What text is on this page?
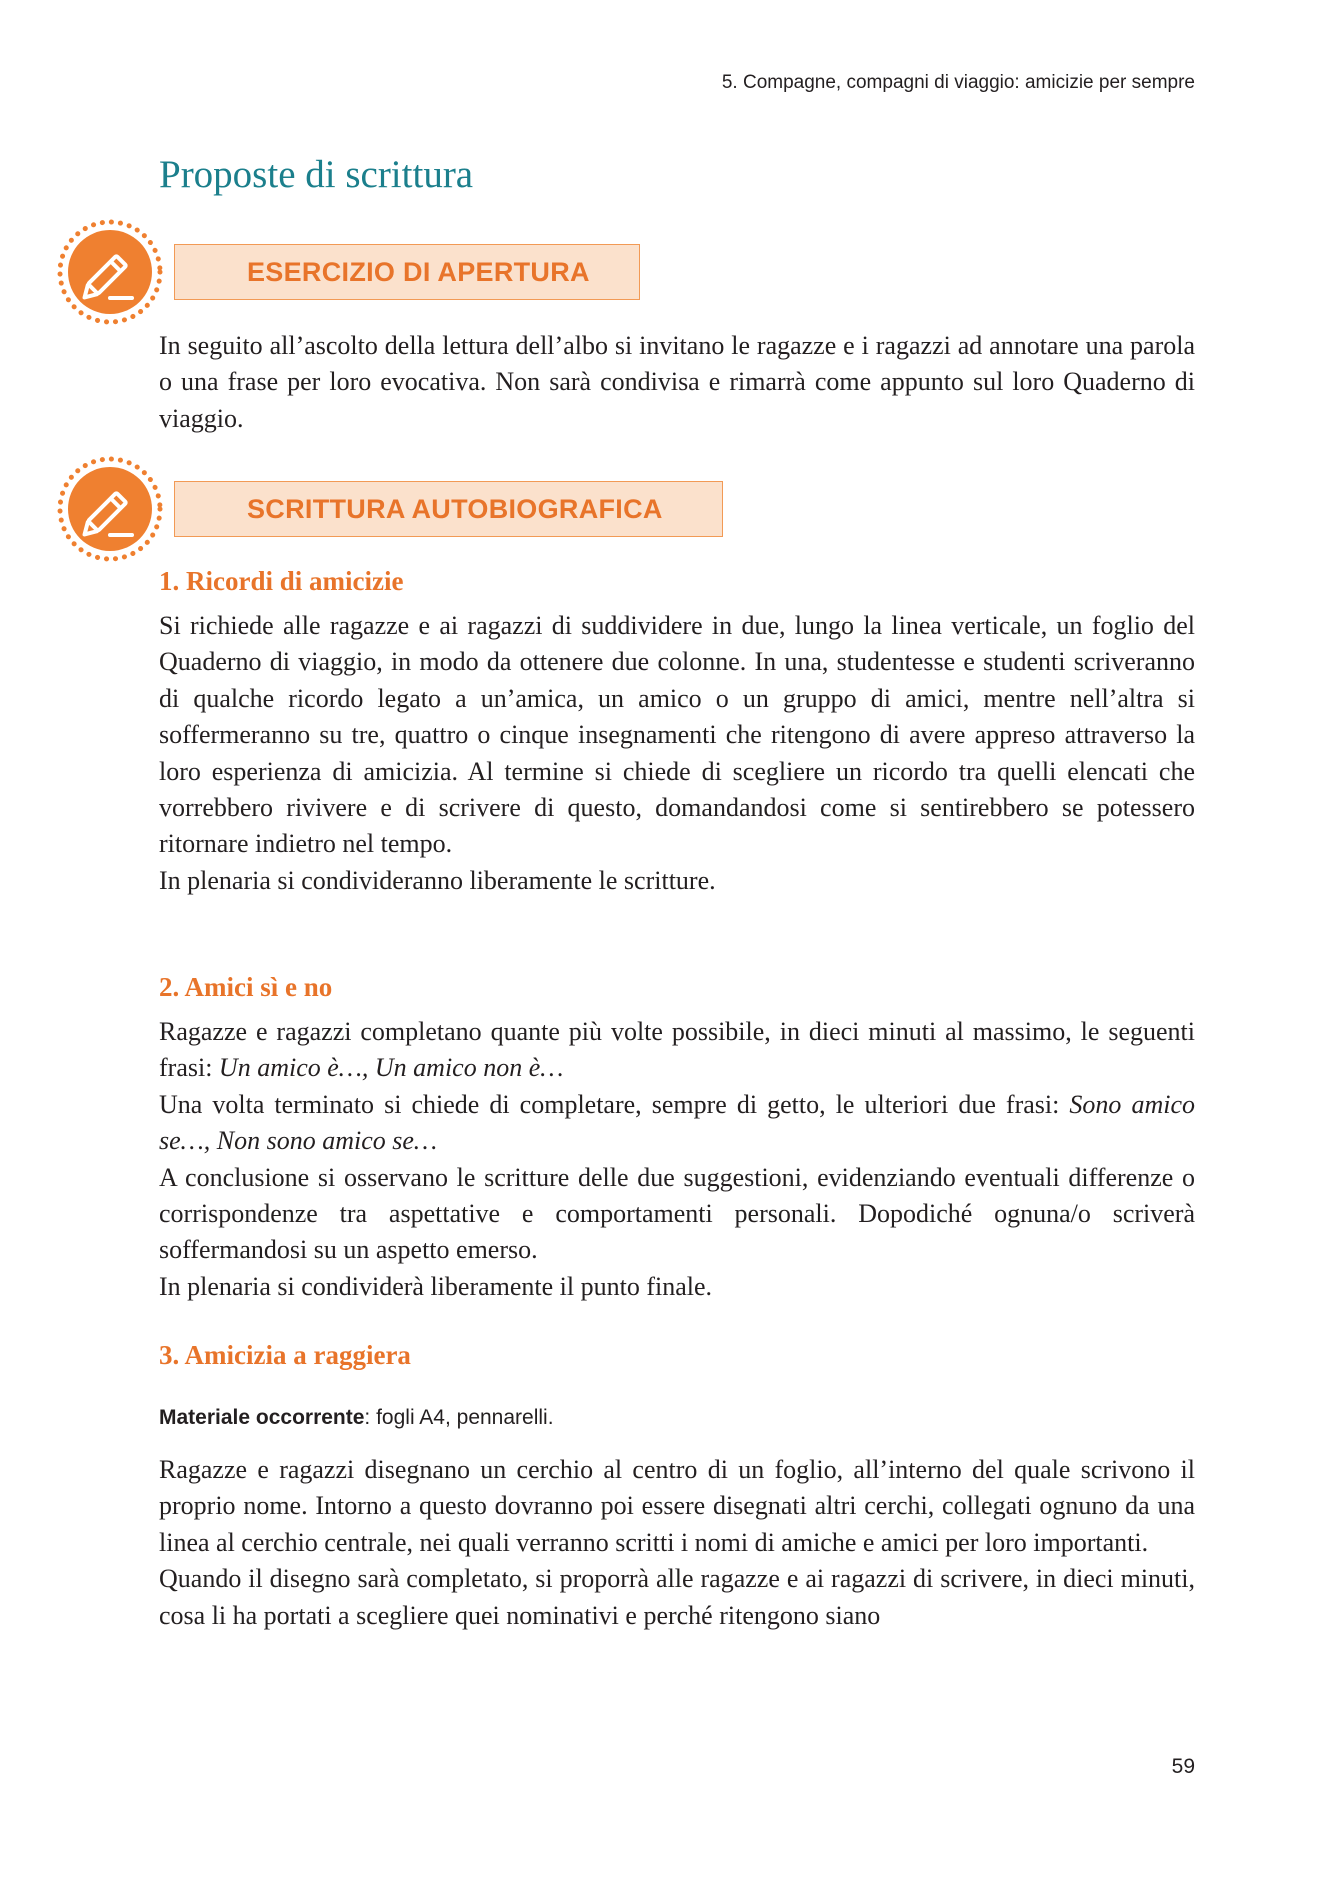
5. Compagne, compagni di viaggio: amicizie per sempre
Proposte di scrittura
ESERCIZIO DI APERTURA

In seguito all’ascolto della lettura dell’albo si invitano le ragazze e i ragazzi ad annotare una parola o una frase per loro evocativa. Non sarà condivisa e rimarrà come appunto sul loro Quaderno di viaggio.

SCRITTURA AUTOBIOGRAFICA
1. Ricordi di amicizie

Si richiede alle ragazze e ai ragazzi di suddividere in due, lungo la linea verticale, un foglio del Quaderno di viaggio, in modo da ottenere due colonne. In una, studentesse e studenti scriveranno di qualche ricordo legato a un’amica, un amico o un gruppo di amici, mentre nell’altra si soffermeranno su tre, quattro o cinque insegnamenti che ritengono di avere appreso attraverso la loro esperienza di amicizia. Al termine si chiede di scegliere un ricordo tra quelli elencati che vorrebbero rivivere e di scrivere di questo, domandandosi come si sentirebbero se potessero ritornare indietro nel tempo.

In plenaria si condivideranno liberamente le scritture.

2. Amici sì e no

Ragazze e ragazzi completano quante più volte possibile, in dieci minuti al massimo, le seguenti frasi: Un amico è…, Un amico non è…

Una volta terminato si chiede di completare, sempre di getto, le ulteriori due frasi: Sono amico se…, Non sono amico se…

A conclusione si osservano le scritture delle due suggestioni, evidenziando eventuali differenze o corrispondenze tra aspettative e comportamenti personali. Dopodiché ognuna/o scriverà soffermandosi su un aspetto emerso.

In plenaria si condividerà liberamente il punto finale.

3. Amicizia a raggiera

Materiale occorrente: fogli A4, pennarelli.

Ragazze e ragazzi disegnano un cerchio al centro di un foglio, all’interno del quale scrivono il proprio nome. Intorno a questo dovranno poi essere disegnati altri cerchi, collegati ognuno da una linea al cerchio centrale, nei quali verranno scritti i nomi di amiche e amici per loro importanti.

Quando il disegno sarà completato, si proporrà alle ragazze e ai ragazzi di scrivere, in dieci minuti, cosa li ha portati a scegliere quei nominativi e perché ritengono siano

59
